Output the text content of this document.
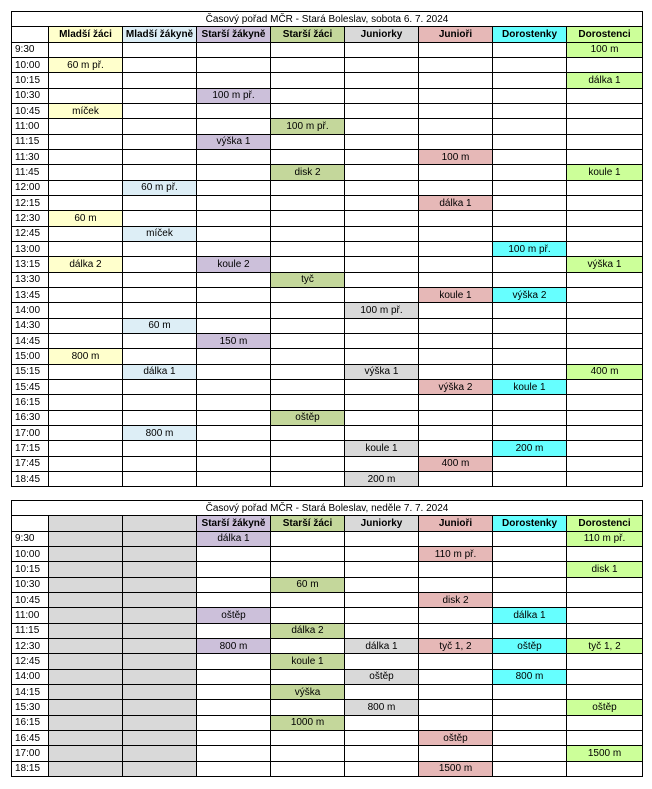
Časový pořad MČR - Stará Boleslav, sobota 6. 7. 2024								
	Mladší žáci	Mladší žákyně	Starší žákyně	Starší žáci	Juniorky	Junioři	Dorostenky	Dorostenci
9:30								100 m
10:00	60 m př.							
10:15								dálka 1
10:30			100 m př.					
10:45	míček							
11:00				100 m př.				
11:15			výška 1					
11:30						100 m		
11:45				disk 2				koule 1
12:00		60 m př.						
12:15						dálka 1		
12:30	60 m							
12:45		míček						
13:00							100 m př.	
13:15	dálka 2		koule 2					výška 1
13:30				tyč				
13:45						koule 1	výška 2	
14:00					100 m př.			
14:30		60 m						
14:45			150 m					
15:00	800 m							
15:15		dálka 1			výška 1			400 m
15:45						výška 2	koule 1	
16:15								
16:30				oštěp				
17:00		800 m						
17:15					koule 1		200 m	
17:45						400 m		
18:45					200 m			
Časový pořad MČR - Stará Boleslav, neděle 7. 7. 2024								
			Starší žákyně	Starší žáci	Juniorky	Junioři	Dorostenky	Dorostenci
9:30			dálka 1					110 m př.
10:00						110 m př.		
10:15								disk 1
10:30				60 m				
10:45						disk 2		
11:00			oštěp				dálka 1	
11:15				dálka 2				
12:30			800 m		dálka 1	tyč 1, 2	oštěp	tyč 1, 2
12:45				koule 1				
14:00					oštěp		800 m	
14:15				výška				
15:30					800 m			oštěp
16:15				1000 m				
16:45						oštěp		
17:00								1500 m
18:15						1500 m		
